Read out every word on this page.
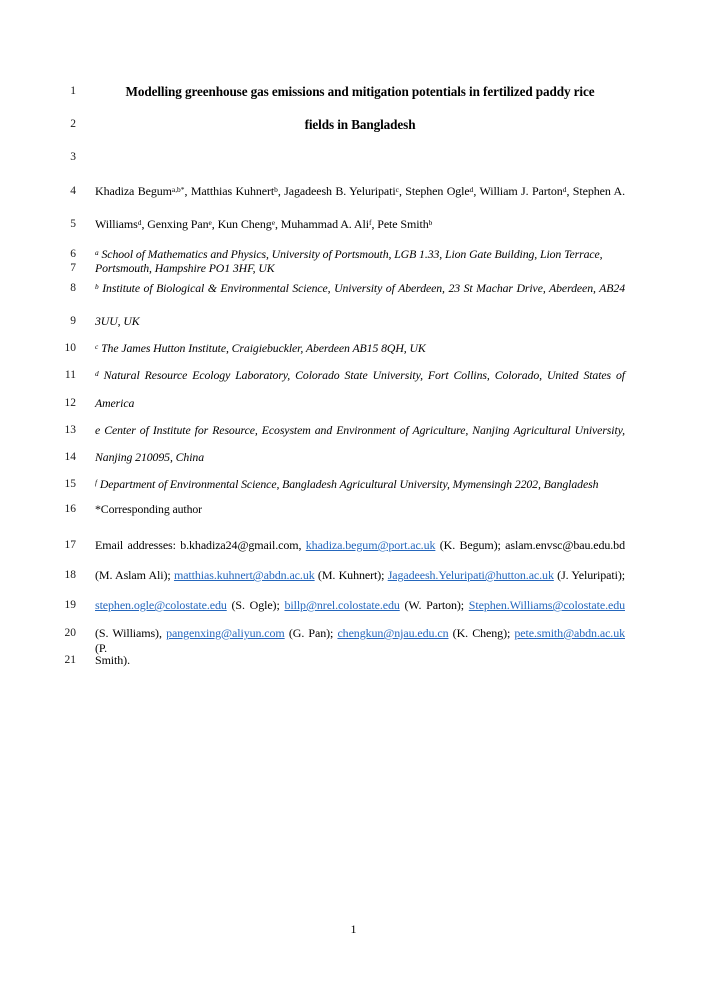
1	Modelling greenhouse gas emissions and mitigation potentials in fertilized paddy rice
2	fields in Bangladesh
3
4 Khadiza Begum$^{a,b*}$, Matthias Kuhnert$^b$, Jagadeesh B. Yeluripati$^c$, Stephen Ogle$^d$, William J. Parton$^d$, Stephen A.
5 Williams$^d$, Genxing Pan$^e$, Kun Cheng$^e$, Muhammad A. Ali$^f$, Pete Smith$^b$
6	$^a$ School of Mathematics and Physics, University of Portsmouth, LGB 1.33, Lion Gate Building, Lion Terrace,
7 Portsmouth, Hampshire PO1 3HF, UK
8	$^b$ Institute of Biological & Environmental Science, University of Aberdeen, 23 St Machar Drive, Aberdeen, AB24
9 3UU, UK
10	$^c$ The James Hutton Institute, Craigiebuckler, Aberdeen AB15 8QH, UK
11	$^d$ Natural Resource Ecology Laboratory, Colorado State University, Fort Collins, Colorado, United States of
12 America
13 e Center of Institute for Resource, Ecosystem and Environment of Agriculture, Nanjing Agricultural University,
14 Nanjing 210095, China
15	$^f$ Department of Environmental Science, Bangladesh Agricultural University, Mymensingh 2202, Bangladesh
16 *Corresponding author
17 Email addresses: b.khadiza24@gmail.com, khadiza.begum@port.ac.uk (K. Begum); aslam.envsc@bau.edu.bd
18 (M. Aslam Ali); matthias.kuhnert@abdn.ac.uk (M. Kuhnert); Jagadeesh.Yeluripati@hutton.ac.uk (J. Yeluripati);
19 stephen.ogle@colostate.edu (S. Ogle); billp@nrel.colostate.edu (W. Parton); Stephen.Williams@colostate.edu
20 (S. Williams), pangenxing@aliyun.com (G. Pan); chengkun@njau.edu.cn (K. Cheng); pete.smith@abdn.ac.uk (P.
21 Smith).
1
